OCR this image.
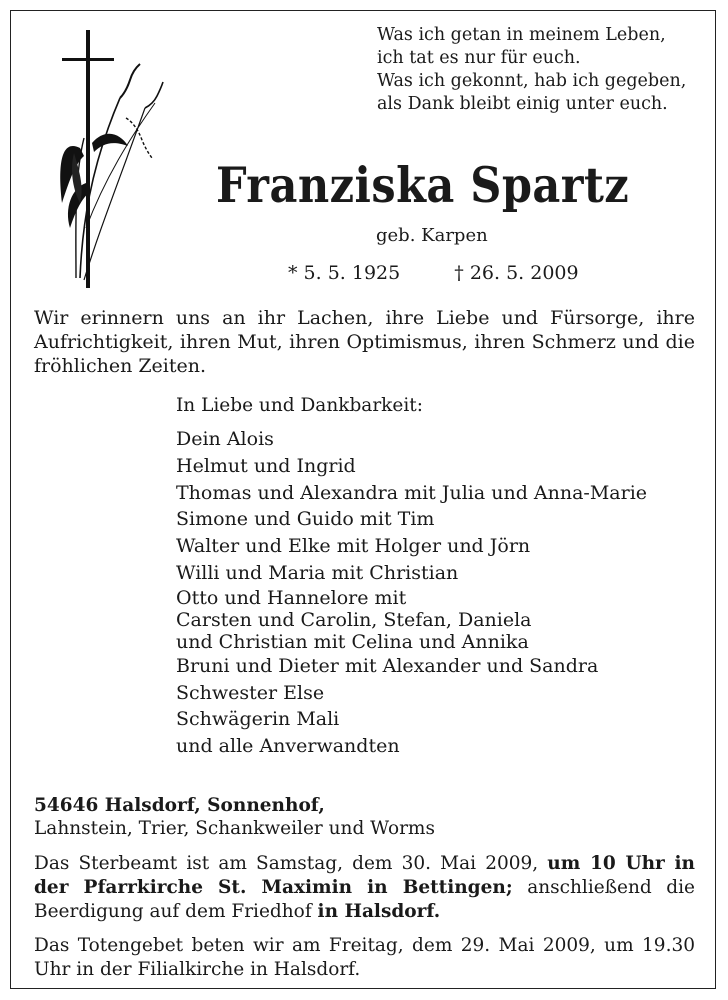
Was ich getan in meinem Leben,
ich tat es nur für euch.
Was ich gekonnt, hab ich gegeben,
als Dank bleibt einig unter euch.
Franziska Spartz
geb. Karpen
* 5. 5. 1925	† 26. 5. 2009
Wir erinnern uns an ihr Lachen, ihre Liebe und Fürsorge, ihre Aufrichtigkeit, ihren Mut, ihren Optimismus, ihren Schmerz und die fröhlichen Zeiten.
In Liebe und Dankbarkeit:
Dein Alois
Helmut und Ingrid
Thomas und Alexandra mit Julia und Anna-Marie
Simone und Guido mit Tim
Walter und Elke mit Holger und Jörn
Willi und Maria mit Christian
Otto und Hannelore mit
Carsten und Carolin, Stefan, Daniela
und Christian mit Celina und Annika
Bruni und Dieter mit Alexander und Sandra
Schwester Else
Schwägerin Mali
und alle Anverwandten
54646 Halsdorf, Sonnenhof,
Lahnstein, Trier, Schankweiler und Worms
Das Sterbeamt ist am Samstag, dem 30. Mai 2009, um 10 Uhr in der Pfarrkirche St. Maximin in Bettingen; anschließend die Beerdigung auf dem Friedhof in Halsdorf.
Das Totengebet beten wir am Freitag, dem 29. Mai 2009, um 19.30 Uhr in der Filialkirche in Halsdorf.
